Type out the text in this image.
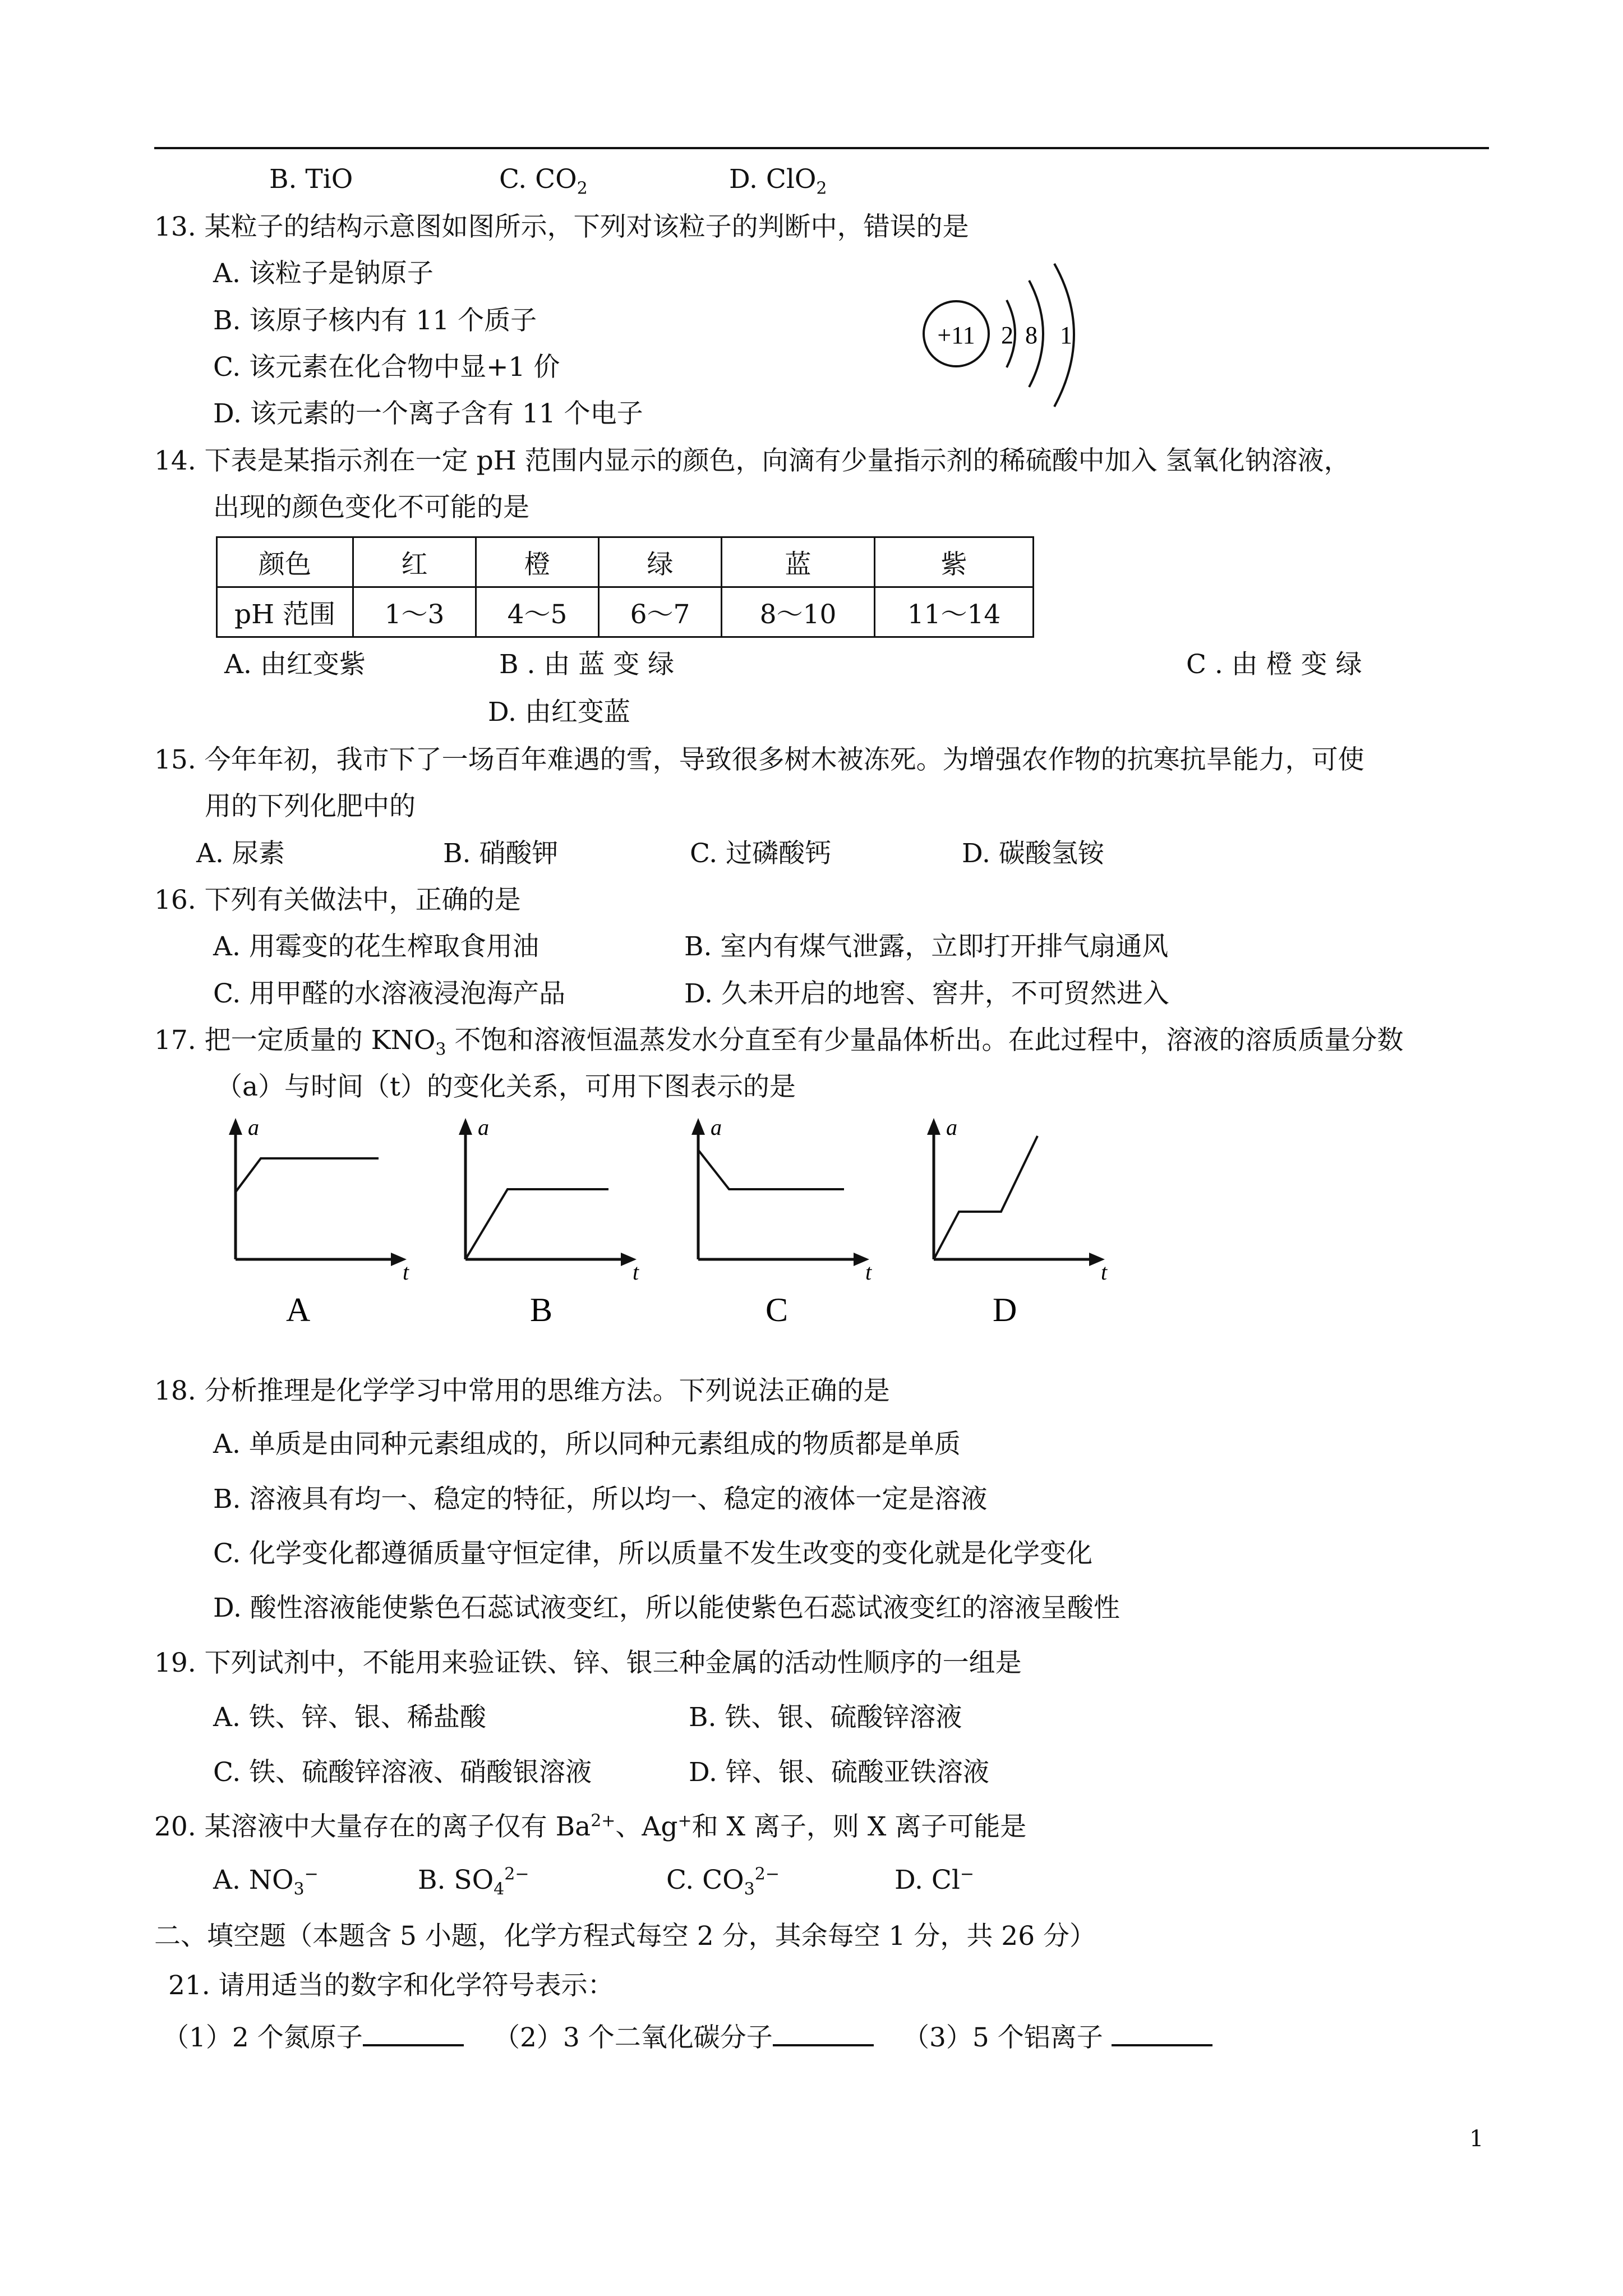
B. TiO	C. $CO_2$	D. ClO$_2$
13. 某粒子的结构示意图如图所示，下列对该粒子的判断中，错误的是
A. 该粒子是钠原子
B. 该原子核内有 11 个质子
C. 该元素在化合物中显+1 价
D. 该元素的一个离子含有 11 个电子
+11 2 8 1
14. 下表是某指示剂在一定 pH 范围内显示的颜色，向滴有少量指示剂的稀硫酸中加入 氢氧化钠溶液，
出现的颜色变化不可能的是
颜色	红	橙	绿	蓝	紫
pH 范围	1～3	4～5	6～7	8～10	11～14
A. 由红变紫	B . 由 蓝 变 绿	C . 由 橙 变 绿
D. 由红变蓝
15. 今年年初，我市下了一场百年难遇的雪，导致很多树木被冻死。为增强农作物的抗寒抗旱能力，可使
用的下列化肥中的
A. 尿素	B. 硝酸钾	C. 过磷酸钙	D. 碳酸氢铵
16. 下列有关做法中，正确的是
A. 用霉变的花生榨取食用油	B. 室内有煤气泄露，立即打开排气扇通风
C. 用甲醛的水溶液浸泡海产品	D. 久未开启的地窖、窖井，不可贸然进入
17. 把一定质量的 $KNO_3$ 不饱和溶液恒温蒸发水分直至有少量晶体析出。在此过程中，溶液的溶质质量分数
（a）与时间（t）的变化关系，可用下图表示的是
a
t
A
a
t
B
a
t
C
a
t
D
18. 分析推理是化学学习中常用的思维方法。下列说法正确的是
A. 单质是由同种元素组成的，所以同种元素组成的物质都是单质
B. 溶液具有均一、稳定的特征，所以均一、稳定的液体一定是溶液
C. 化学变化都遵循质量守恒定律，所以质量不发生改变的变化就是化学变化
D. 酸性溶液能使紫色石蕊试液变红，所以能使紫色石蕊试液变红的溶液呈酸性
19. 下列试剂中，不能用来验证铁、锌、银三种金属的活动性顺序的一组是
A. 铁、锌、银、稀盐酸	B. 铁、银、硫酸锌溶液
C. 铁、硫酸锌溶液、硝酸银溶液	D. 锌、银、硫酸亚铁溶液
20. 某溶液中大量存在的离子仅有 $Ba^{2+}$、Ag+和 X 离子，则 X 离子可能是
A. $NO_3^-$	B. $SO_4^{2-}$	C. $CO_3^{2-}$	D. Cl−
二、填空题（本题含 5 小题，化学方程式每空 2 分，其余每空 1 分，共 26 分）
21. 请用适当的数字和化学符号表示：
（1）2 个氮原子	（2）3 个二氧化碳分子	（3）5 个铝离子
1
